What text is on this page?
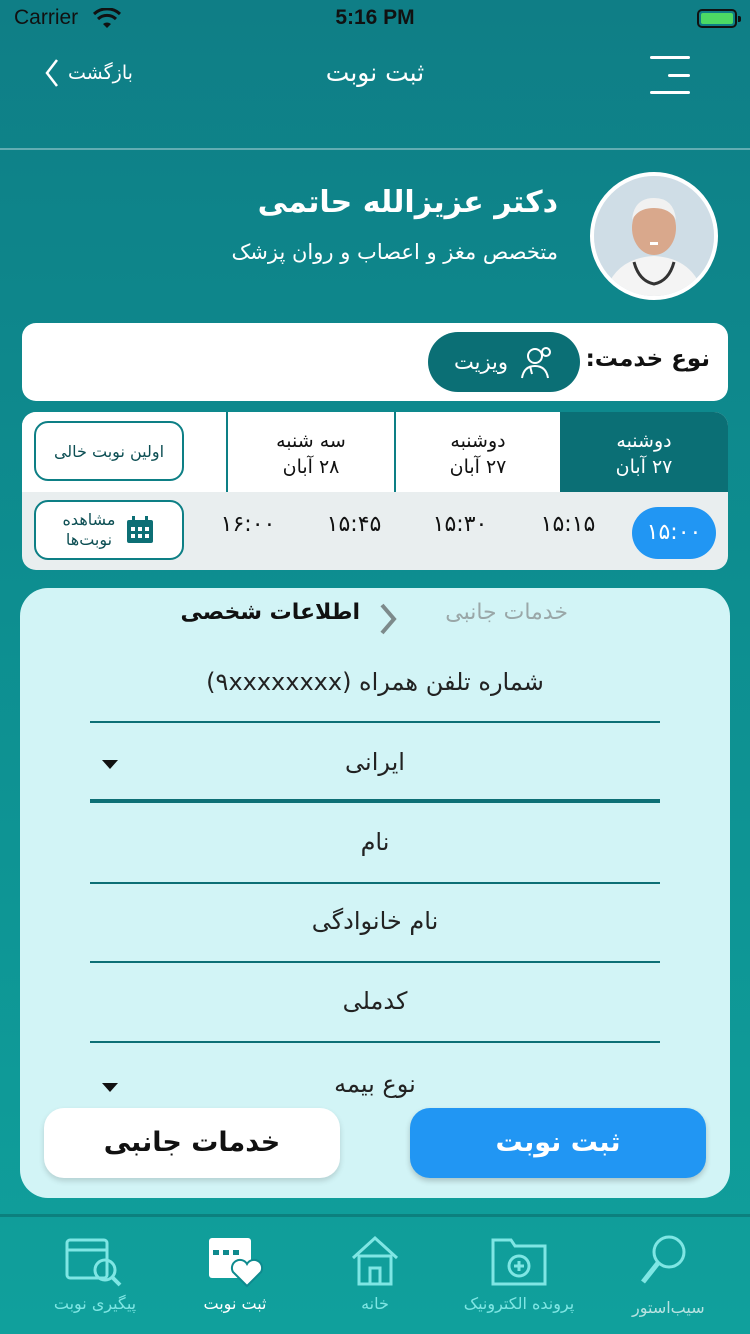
Carrier	5:16 PM
بازگشت	ثبت نوبت
دکتر عزیزالله حاتمی
متخصص مغز و اعصاب و روان پزشک
نوع خدمت:
ویزیت
دوشنبه
۲۷ آبان
دوشنبه
۲۷ آبان
سه شنبه
۲۸ آبان
اولین نوبت خالی
۱۵:۰۰
۱۵:۱۵
۱۵:۳۰
۱۵:۴۵
۱۶:۰۰
مشاهده
نوبت‌ها
اطلاعات شخصی	خدمات جانبی
شماره تلفن همراه (۹xxxxxxxx)
ایرانی
نام
نام خانوادگی
کدملی
نوع بیمه
خدمات جانبی	ثبت نوبت
پیگیری نوبت	ثبت نوبت	خانه	پرونده الکترونیک	سیب‌استور
